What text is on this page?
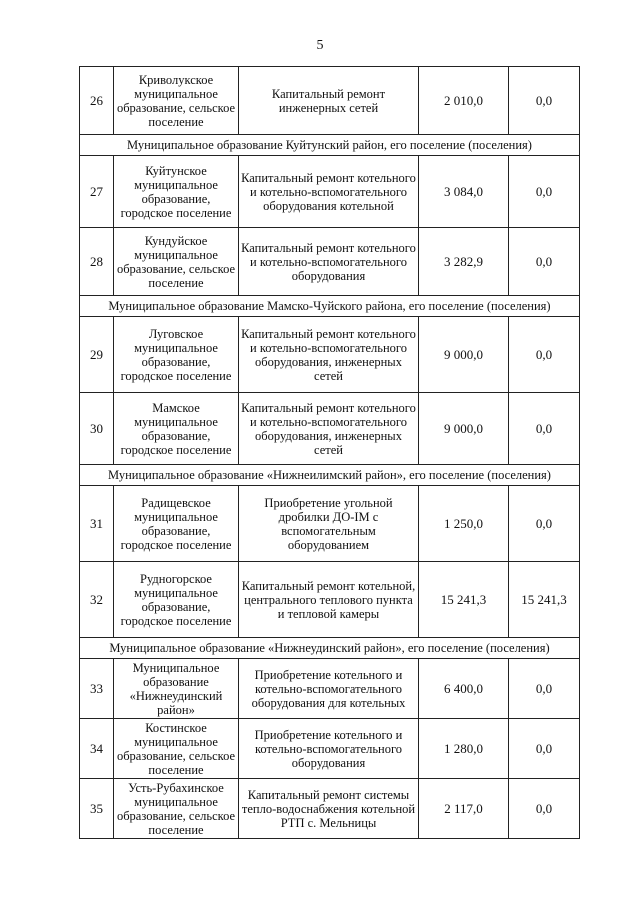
5
26	Криволукское муниципальное образование, сельское поселение	Капитальный ремонт инженерных сетей	2 010,0	0,0
Муниципальное образование Куйтунский район, его поселение (поселения)				
27	Куйтунское муниципальное образование, городское поселение	Капитальный ремонт котельного и котельно-вспомогательного оборудования котельной	3 084,0	0,0
28	Кундуйское муниципальное образование, сельское поселение	Капитальный ремонт котельного и котельно-вспомогательного оборудования	3 282,9	0,0
Муниципальное образование Мамско-Чуйского района, его поселение (поселения)				
29	Луговское муниципальное образование, городское поселение	Капитальный ремонт котельного и котельно-вспомогательного оборудования, инженерных сетей	9 000,0	0,0
30	Мамское муниципальное образование, городское поселение	Капитальный ремонт котельного и котельно-вспомогательного оборудования, инженерных сетей	9 000,0	0,0
Муниципальное образование «Нижнеилимский район», его поселение (поселения)				
31	Радищевское муниципальное образование, городское поселение	Приобретение угольной дробилки ДО-IM с вспомогательным оборудованием	1 250,0	0,0
32	Рудногорское муниципальное образование, городское поселение	Капитальный ремонт котельной, центрального теплового пункта и тепловой камеры	15 241,3	15 241,3
Муниципальное образование «Нижнеудинский район», его поселение (поселения)				
33	Муниципальное образование «Нижнеудинский район»	Приобретение котельного и котельно-вспомогательного оборудования для котельных	6 400,0	0,0
34	Костинское муниципальное образование, сельское поселение	Приобретение котельного и котельно-вспомогательного оборудования	1 280,0	0,0
35	Усть-Рубахинское муниципальное образование, сельское поселение	Капитальный ремонт системы тепло-водоснабжения котельной РТП с. Мельницы	2 117,0	0,0
